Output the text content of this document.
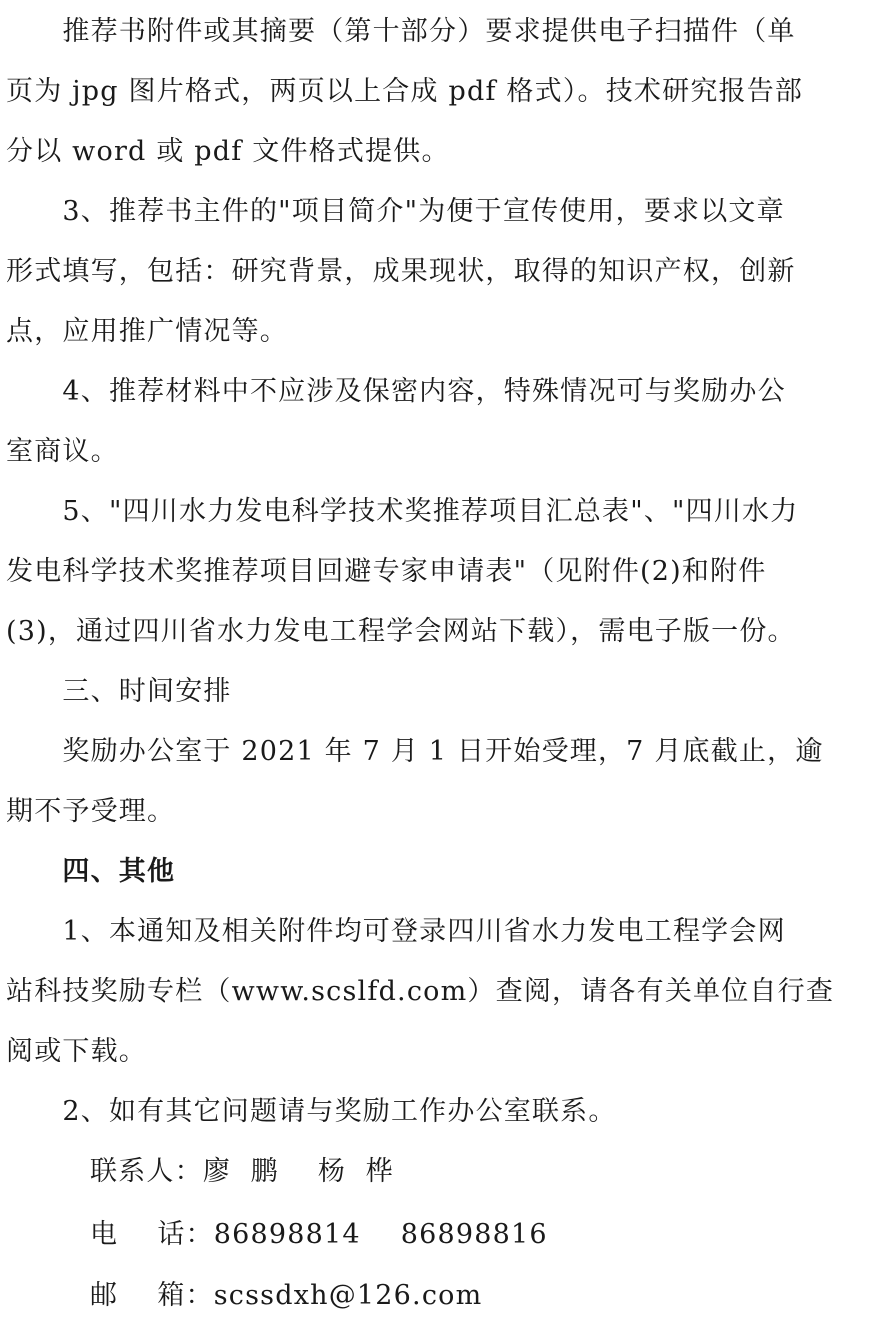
　　推荐书附件或其摘要（第十部分）要求提供电子扫描件（单
页为 jpg 图片格式，两页以上合成 pdf 格式）。技术研究报告部
分以 word 或 pdf 文件格式提供。
　　3、推荐书主件的"项目简介"为便于宣传使用，要求以文章
形式填写，包括：研究背景，成果现状，取得的知识产权，创新
点，应用推广情况等。
　　4、推荐材料中不应涉及保密内容，特殊情况可与奖励办公
室商议。
　　5、"四川水力发电科学技术奖推荐项目汇总表"、"四川水力
发电科学技术奖推荐项目回避专家申请表"（见附件(2)和附件
(3)，通过四川省水力发电工程学会网站下载），需电子版一份。
　　三、时间安排
　　奖励办公室于 2021 年 7 月 1 日开始受理，7 月底截止，逾
期不予受理。
　　四、其他
　　1、本通知及相关附件均可登录四川省水力发电工程学会网
站科技奖励专栏（www.scslfd.com）查阅，请各有关单位自行查
阅或下载。
　　2、如有其它问题请与奖励工作办公室联系。
联系人：廖  鹏    杨  桦
电    话：86898814 86898816
邮    箱：scssdxh@126.com
